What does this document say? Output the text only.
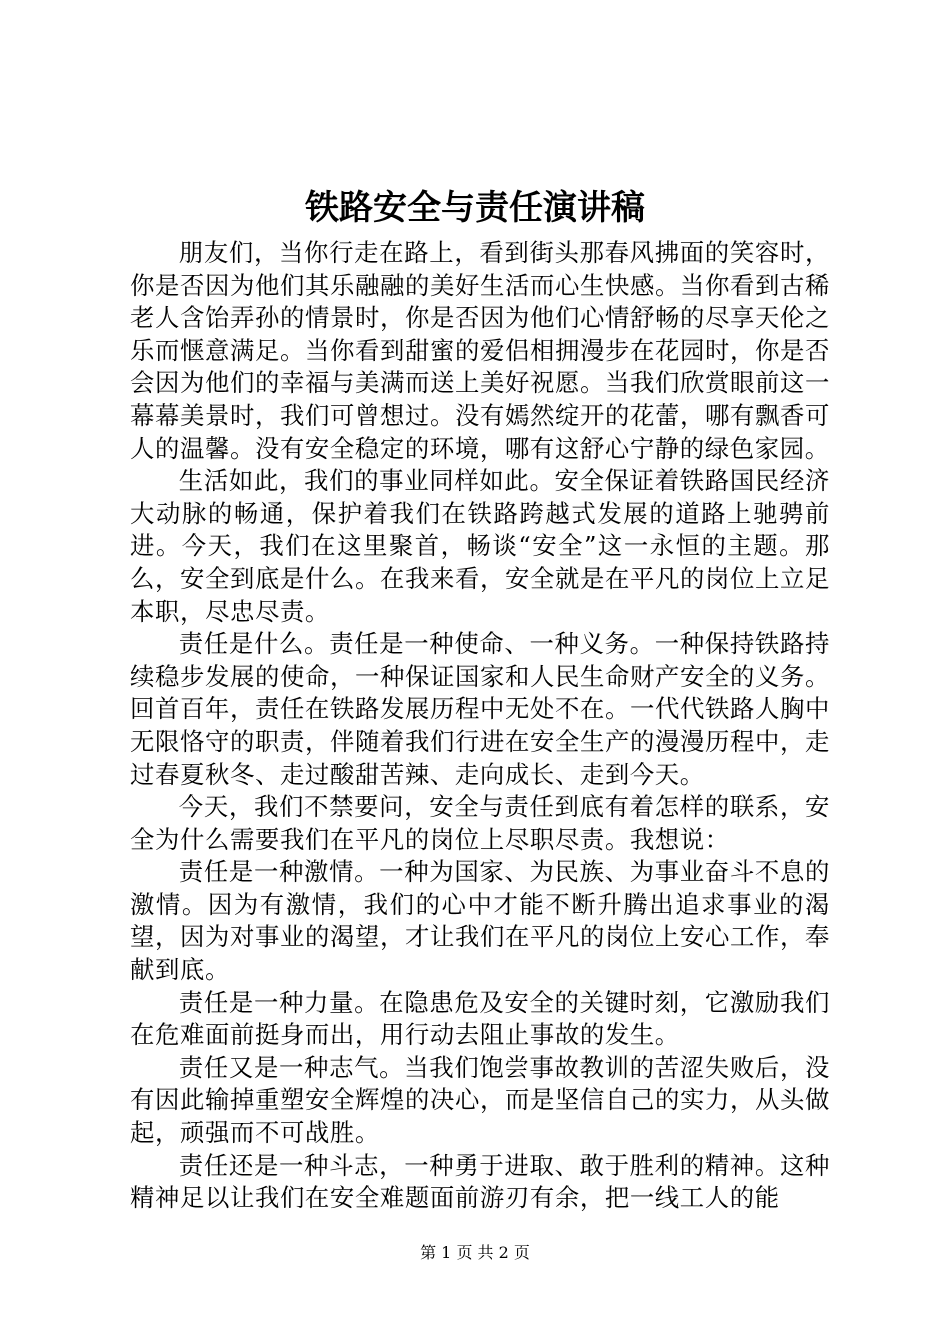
铁路安全与责任演讲稿

朋友们，当你行走在路上，看到街头那春风拂面的笑容时，你是否因为他们其乐融融的美好生活而心生快感。当你看到古稀老人含饴弄孙的情景时，你是否因为他们心情舒畅的尽享天伦之乐而惬意满足。当你看到甜蜜的爱侣相拥漫步在花园时，你是否会因为他们的幸福与美满而送上美好祝愿。当我们欣赏眼前这一幕幕美景时，我们可曾想过。没有嫣然绽开的花蕾，哪有飘香可人的温馨。没有安全稳定的环境，哪有这舒心宁静的绿色家园。

生活如此，我们的事业同样如此。安全保证着铁路国民经济大动脉的畅通，保护着我们在铁路跨越式发展的道路上驰骋前进。今天，我们在这里聚首，畅谈“安全”这一永恒的主题。那么，安全到底是什么。在我来看，安全就是在平凡的岗位上立足本职，尽忠尽责。

责任是什么。责任是一种使命、一种义务。一种保持铁路持续稳步发展的使命，一种保证国家和人民生命财产安全的义务。回首百年，责任在铁路发展历程中无处不在。一代代铁路人胸中无限恪守的职责，伴随着我们行进在安全生产的漫漫历程中，走过春夏秋冬、走过酸甜苦辣、走向成长、走到今天。

今天，我们不禁要问，安全与责任到底有着怎样的联系，安全为什么需要我们在平凡的岗位上尽职尽责。我想说：

责任是一种激情。一种为国家、为民族、为事业奋斗不息的激情。因为有激情，我们的心中才能不断升腾出追求事业的渴望，因为对事业的渴望，才让我们在平凡的岗位上安心工作，奉献到底。

责任是一种力量。在隐患危及安全的关键时刻，它激励我们在危难面前挺身而出，用行动去阻止事故的发生。

责任又是一种志气。当我们饱尝事故教训的苦涩失败后，没有因此输掉重塑安全辉煌的决心，而是坚信自己的实力，从头做起，顽强而不可战胜。

责任还是一种斗志，一种勇于进取、敢于胜利的精神。这种精神足以让我们在安全难题面前游刃有余，把一线工人的能

第 1 页 共 2 页
